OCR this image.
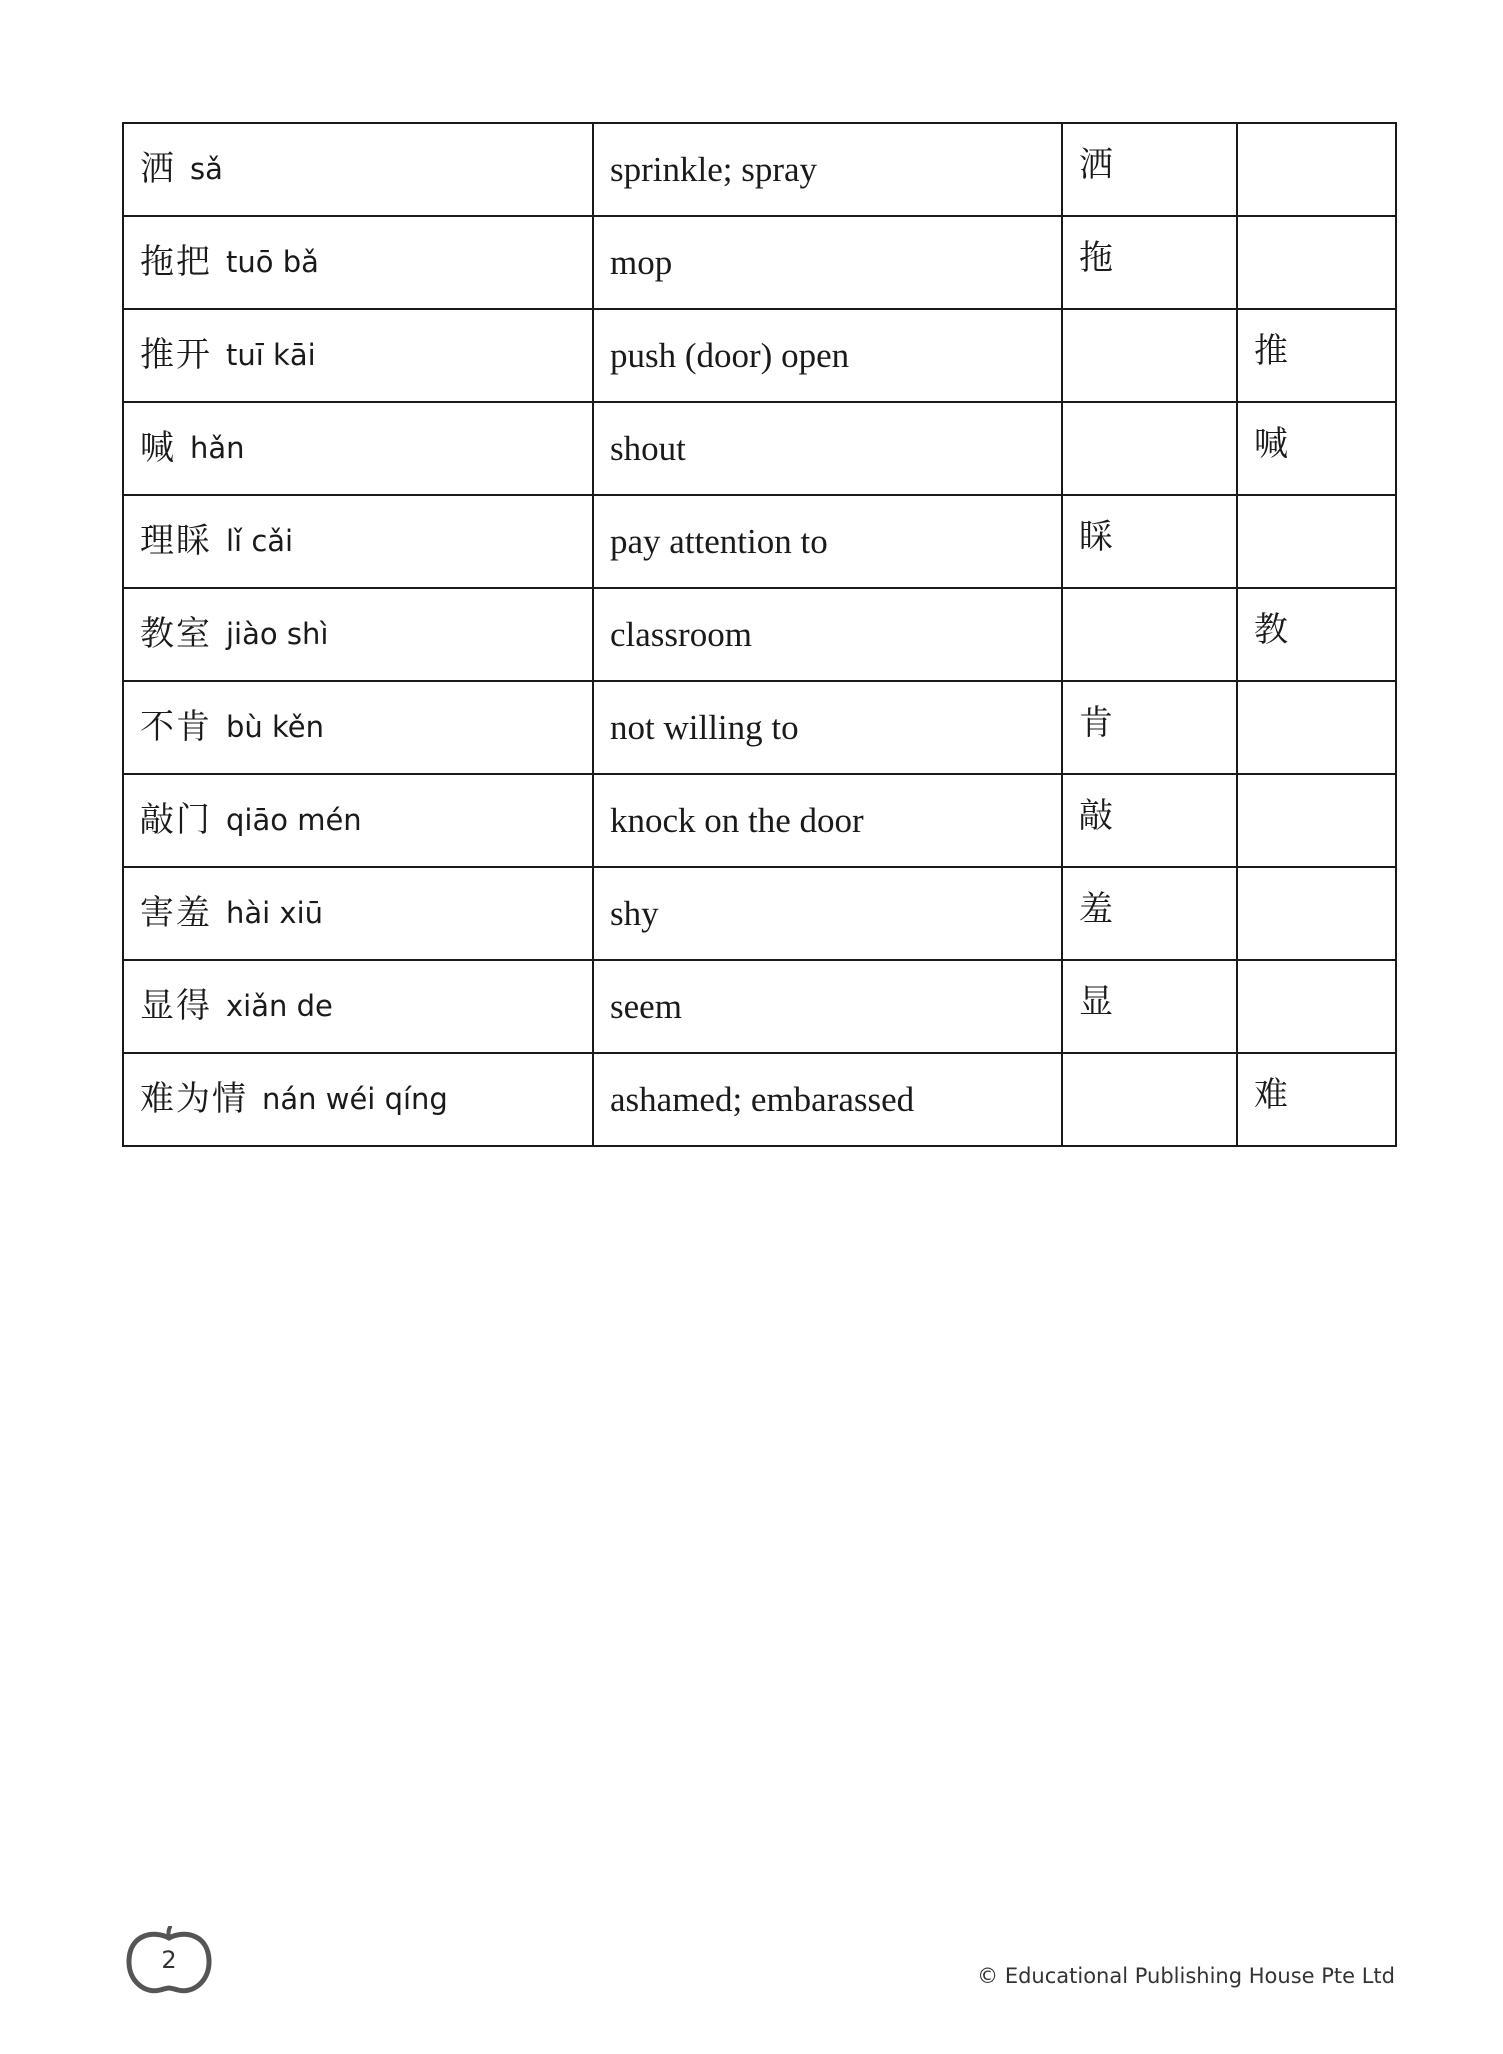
洒 sǎ	sprinkle; spray	洒	
拖把 tuō bǎ	mop	拖	
推开 tuī kāi	push (door) open		推
喊 hǎn	shout		喊
理睬 lǐ cǎi	pay attention to	睬	
教室 jiào shì	classroom		教
不肯 bù kěn	not willing to	肯	
敲门 qiāo mén	knock on the door	敲	
害羞 hài xiū	shy	羞	
显得 xiǎn de	seem	显	
难为情 nán wéi qíng	ashamed; embarassed		难
2
© Educational Publishing House Pte Ltd
